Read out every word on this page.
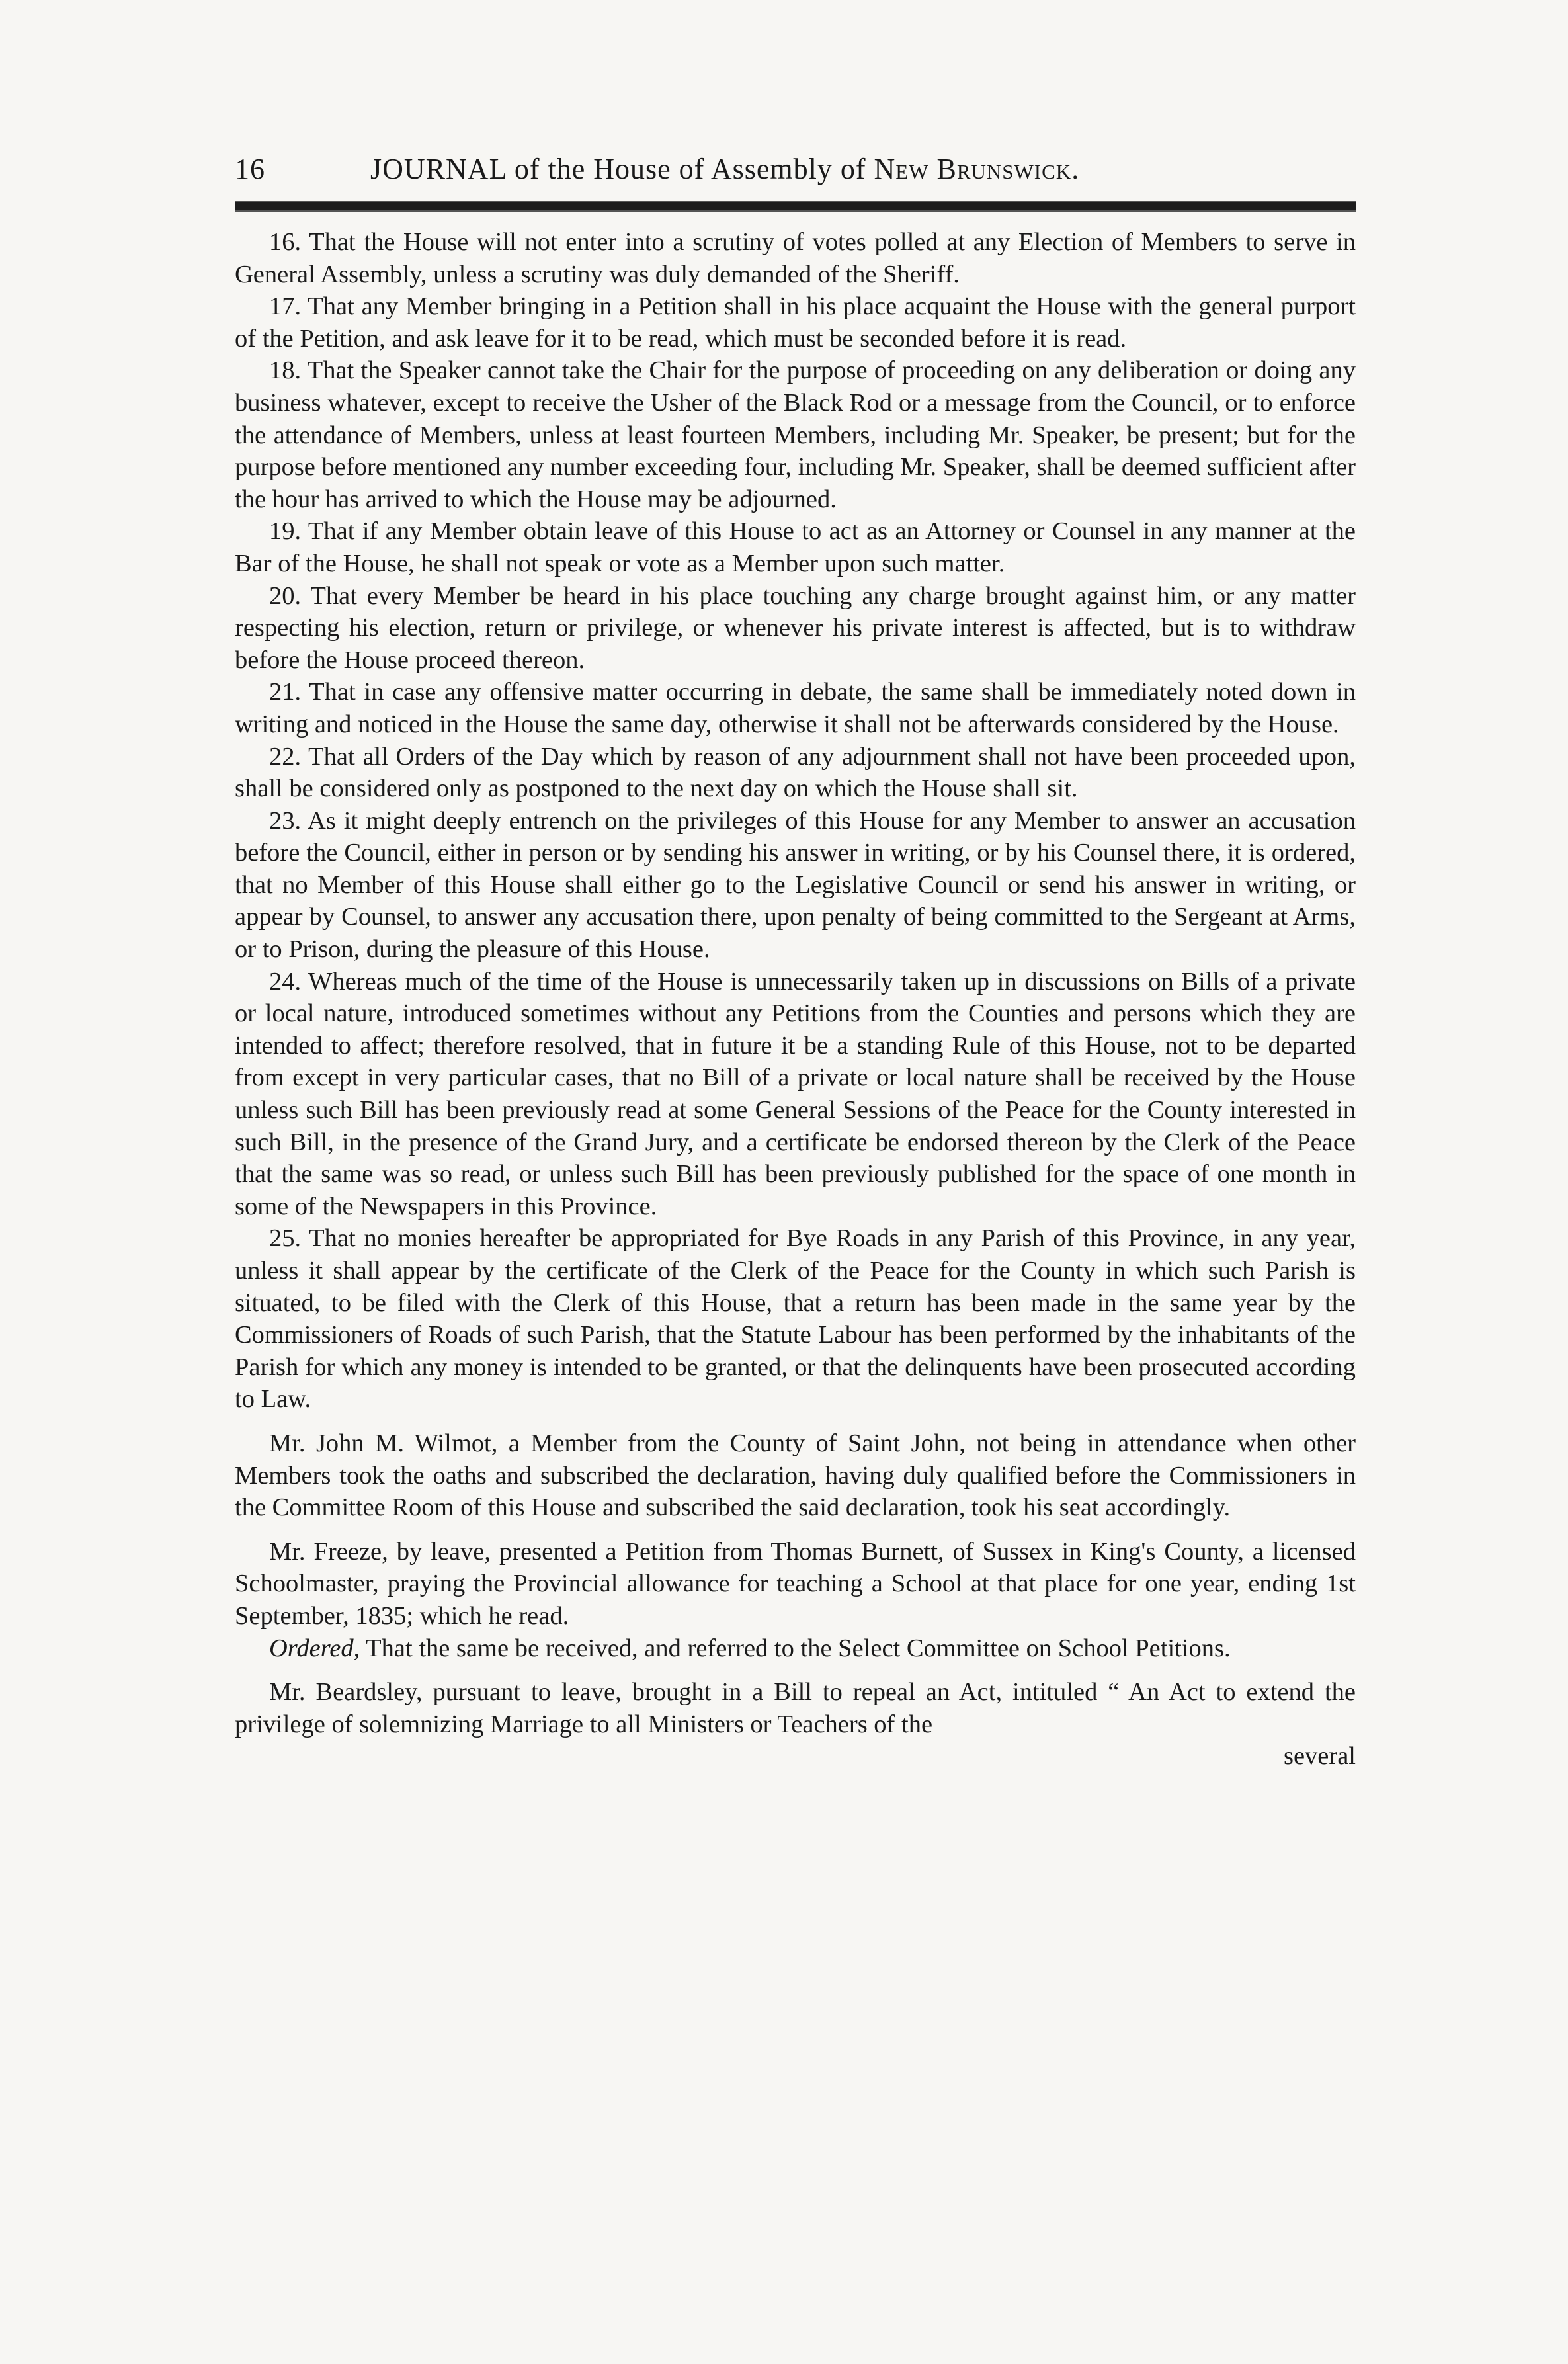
16	JOURNAL of the House of Assembly of New Brunswick.

16. That the House will not enter into a scrutiny of votes polled at any Election of Members to serve in General Assembly, unless a scrutiny was duly demanded of the Sheriff.

17. That any Member bringing in a Petition shall in his place acquaint the House with the general purport of the Petition, and ask leave for it to be read, which must be seconded before it is read.

18. That the Speaker cannot take the Chair for the purpose of proceeding on any deliberation or doing any business whatever, except to receive the Usher of the Black Rod or a message from the Council, or to enforce the attendance of Members, unless at least fourteen Members, including Mr. Speaker, be present; but for the purpose before mentioned any number exceeding four, including Mr. Speaker, shall be deemed sufficient after the hour has arrived to which the House may be adjourned.

19. That if any Member obtain leave of this House to act as an Attorney or Counsel in any manner at the Bar of the House, he shall not speak or vote as a Member upon such matter.

20. That every Member be heard in his place touching any charge brought against him, or any matter respecting his election, return or privilege, or whenever his private interest is affected, but is to withdraw before the House proceed thereon.

21. That in case any offensive matter occurring in debate, the same shall be immediately noted down in writing and noticed in the House the same day, otherwise it shall not be afterwards considered by the House.

22. That all Orders of the Day which by reason of any adjournment shall not have been proceeded upon, shall be considered only as postponed to the next day on which the House shall sit.

23. As it might deeply entrench on the privileges of this House for any Member to answer an accusation before the Council, either in person or by sending his answer in writing, or by his Counsel there, it is ordered, that no Member of this House shall either go to the Legislative Council or send his answer in writing, or appear by Counsel, to answer any accusation there, upon penalty of being committed to the Sergeant at Arms, or to Prison, during the pleasure of this House.

24. Whereas much of the time of the House is unnecessarily taken up in discussions on Bills of a private or local nature, introduced sometimes without any Petitions from the Counties and persons which they are intended to affect; therefore resolved, that in future it be a standing Rule of this House, not to be departed from except in very particular cases, that no Bill of a private or local nature shall be received by the House unless such Bill has been previously read at some General Sessions of the Peace for the County interested in such Bill, in the presence of the Grand Jury, and a certificate be endorsed thereon by the Clerk of the Peace that the same was so read, or unless such Bill has been previously published for the space of one month in some of the Newspapers in this Province.

25. That no monies hereafter be appropriated for Bye Roads in any Parish of this Province, in any year, unless it shall appear by the certificate of the Clerk of the Peace for the County in which such Parish is situated, to be filed with the Clerk of this House, that a return has been made in the same year by the Commissioners of Roads of such Parish, that the Statute Labour has been performed by the inhabitants of the Parish for which any money is intended to be granted, or that the delinquents have been prosecuted according to Law.

Mr. John M. Wilmot, a Member from the County of Saint John, not being in attendance when other Members took the oaths and subscribed the declaration, having duly qualified before the Commissioners in the Committee Room of this House and subscribed the said declaration, took his seat accordingly.

Mr. Freeze, by leave, presented a Petition from Thomas Burnett, of Sussex in King's County, a licensed Schoolmaster, praying the Provincial allowance for teaching a School at that place for one year, ending 1st September, 1835; which he read.

Ordered, That the same be received, and referred to the Select Committee on School Petitions.

Mr. Beardsley, pursuant to leave, brought in a Bill to repeal an Act, intituled “ An Act to extend the privilege of solemnizing Marriage to all Ministers or Teachers of the

several
